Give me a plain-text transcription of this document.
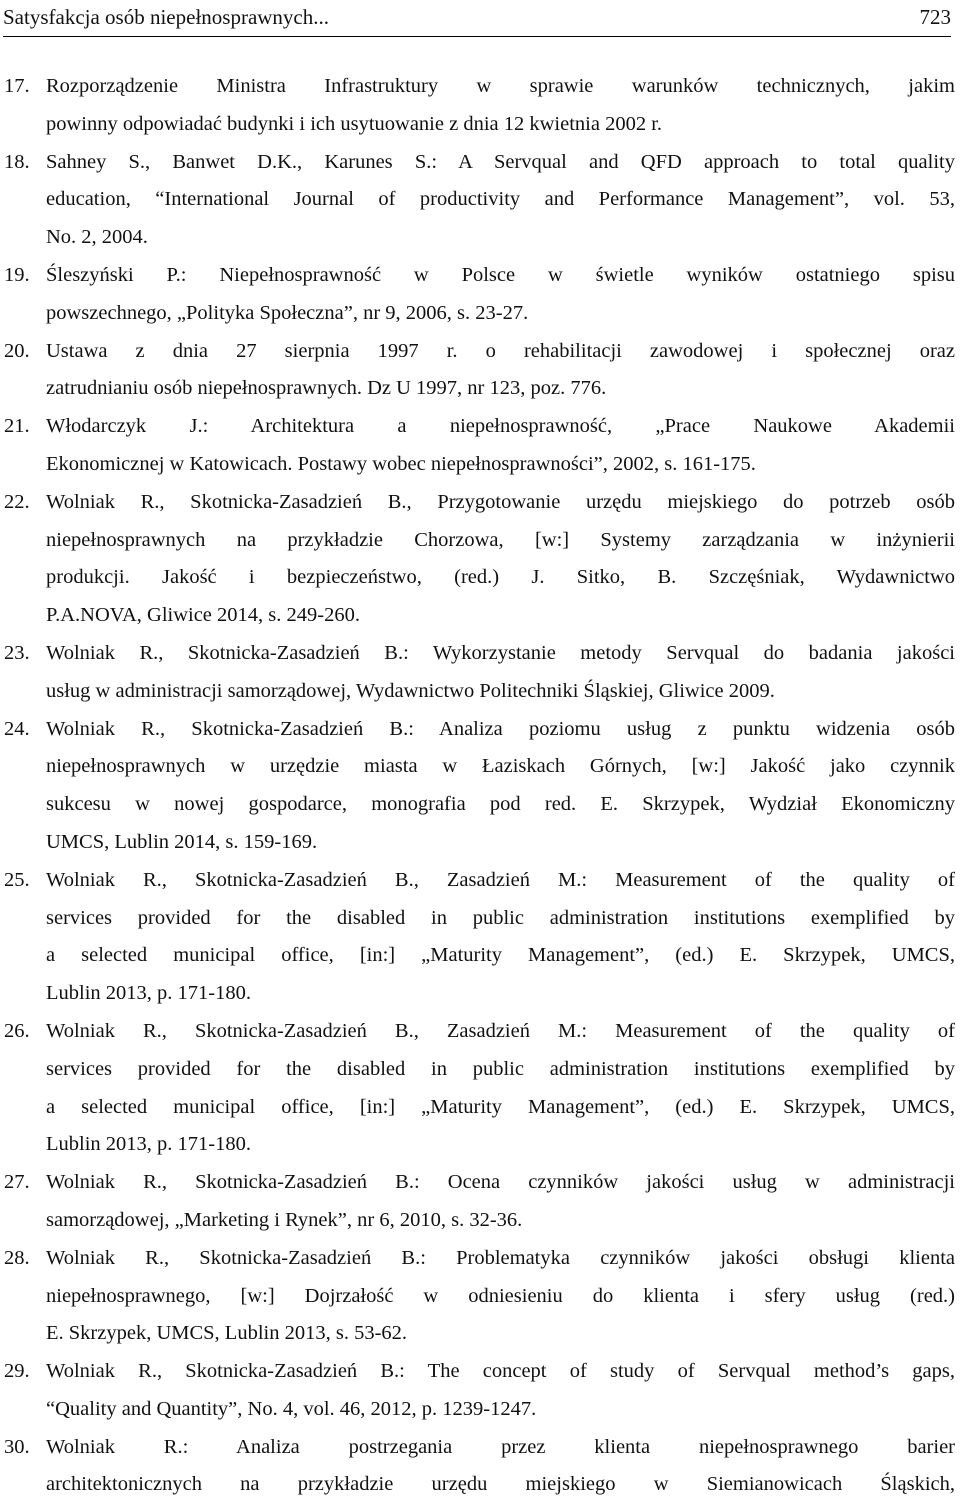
Satysfakcja osób niepełnosprawnych...	723
17. Rozporządzenie Ministra Infrastruktury w sprawie warunków technicznych, jakim
powinny odpowiadać budynki i ich usytuowanie z dnia 12 kwietnia 2002 r.
18. Sahney S., Banwet D.K., Karunes S.: A Servqual and QFD approach to total quality
education, “International Journal of productivity and Performance Management”, vol. 53,
No. 2, 2004.
19. Śleszyński P.: Niepełnosprawność w Polsce w świetle wyników ostatniego spisu
powszechnego, „Polityka Społeczna”, nr 9, 2006, s. 23-27.
20. Ustawa z dnia 27 sierpnia 1997 r. o rehabilitacji zawodowej i społecznej oraz
zatrudnianiu osób niepełnosprawnych. Dz U 1997, nr 123, poz. 776.
21. Włodarczyk J.: Architektura a niepełnosprawność, „Prace Naukowe Akademii
Ekonomicznej w Katowicach. Postawy wobec niepełnosprawności”, 2002, s. 161-175.
22. Wolniak R., Skotnicka-Zasadzień B., Przygotowanie urzędu miejskiego do potrzeb osób
niepełnosprawnych na przykładzie Chorzowa, [w:] Systemy zarządzania w inżynierii
produkcji. Jakość i bezpieczeństwo, (red.) J. Sitko, B. Szczęśniak, Wydawnictwo
P.A.NOVA, Gliwice 2014, s. 249-260.
23. Wolniak R., Skotnicka-Zasadzień B.: Wykorzystanie metody Servqual do badania jakości
usług w administracji samorządowej, Wydawnictwo Politechniki Śląskiej, Gliwice 2009.
24. Wolniak R., Skotnicka-Zasadzień B.: Analiza poziomu usług z punktu widzenia osób
niepełnosprawnych w urzędzie miasta w Łaziskach Górnych, [w:] Jakość jako czynnik
sukcesu w nowej gospodarce, monografia pod red. E. Skrzypek, Wydział Ekonomiczny
UMCS, Lublin 2014, s. 159-169.
25. Wolniak R., Skotnicka-Zasadzień B., Zasadzień M.: Measurement of the quality of
services provided for the disabled in public administration institutions exemplified by
a selected municipal office, [in:] „Maturity Management”, (ed.) E. Skrzypek, UMCS,
Lublin 2013, p. 171-180.
26. Wolniak R., Skotnicka-Zasadzień B., Zasadzień M.: Measurement of the quality of
services provided for the disabled in public administration institutions exemplified by
a selected municipal office, [in:] „Maturity Management”, (ed.) E. Skrzypek, UMCS,
Lublin 2013, p. 171-180.
27. Wolniak R., Skotnicka-Zasadzień B.: Ocena czynników jakości usług w administracji
samorządowej, „Marketing i Rynek”, nr 6, 2010, s. 32-36.
28. Wolniak R., Skotnicka-Zasadzień B.: Problematyka czynników jakości obsługi klienta
niepełnosprawnego, [w:] Dojrzałość w odniesieniu do klienta i sfery usług (red.)
E. Skrzypek, UMCS, Lublin 2013, s. 53-62.
29. Wolniak R., Skotnicka-Zasadzień B.: The concept of study of Servqual method’s gaps,
“Quality and Quantity”, No. 4, vol. 46, 2012, p. 1239-1247.
30. Wolniak R.: Analiza postrzegania przez klienta niepełnosprawnego barier
architektonicznych na przykładzie urzędu miejskiego w Siemianowicach Śląskich,
